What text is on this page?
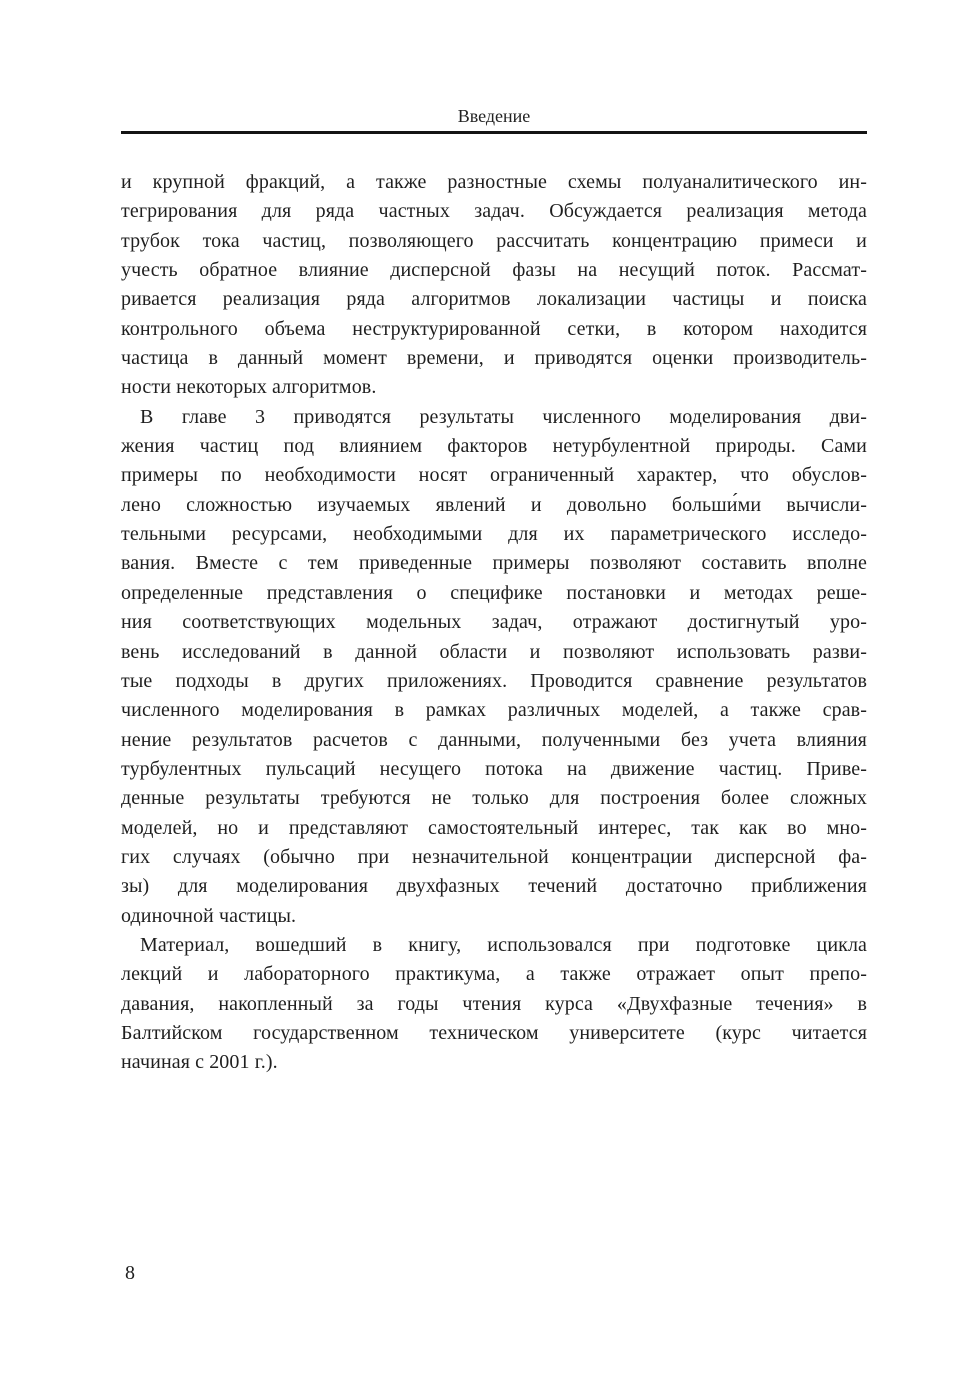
Введение
и крупной фракций, а также разностные схемы полуаналитического ин-
тегрирования для ряда частных задач. Обсуждается реализация метода
трубок тока частиц, позволяющего рассчитать концентрацию примеси и
учесть обратное влияние дисперсной фазы на несущий поток. Рассмат-
ривается реализация ряда алгоритмов локализации частицы и поиска
контрольного объема неструктурированной сетки, в котором находится
частица в данный момент времени, и приводятся оценки производитель-
ности некоторых алгоритмов.
В главе 3 приводятся результаты численного моделирования дви-
жения частиц под влиянием факторов нетурбулентной природы. Сами
примеры по необходимости носят ограниченный характер, что обуслов-
лено сложностью изучаемых явлений и довольно больши́ми вычисли-
тельными ресурсами, необходимыми для их параметрического исследо-
вания. Вместе с тем приведенные примеры позволяют составить вполне
определенные представления о специфике постановки и методах реше-
ния соответствующих модельных задач, отражают достигнутый уро-
вень исследований в данной области и позволяют использовать разви-
тые подходы в других приложениях. Проводится сравнение результатов
численного моделирования в рамках различных моделей, а также срав-
нение результатов расчетов с данными, полученными без учета влияния
турбулентных пульсаций несущего потока на движение частиц. Приве-
денные результаты требуются не только для построения более сложных
моделей, но и представляют самостоятельный интерес, так как во мно-
гих случаях (обычно при незначительной концентрации дисперсной фа-
зы) для моделирования двухфазных течений достаточно приближения
одиночной частицы.
Материал, вошедший в книгу, использовался при подготовке цикла
лекций и лабораторного практикума, а также отражает опыт препо-
давания, накопленный за годы чтения курса «Двухфазные течения» в
Балтийском государственном техническом университете (курс читается
начиная с 2001 г.).
8
